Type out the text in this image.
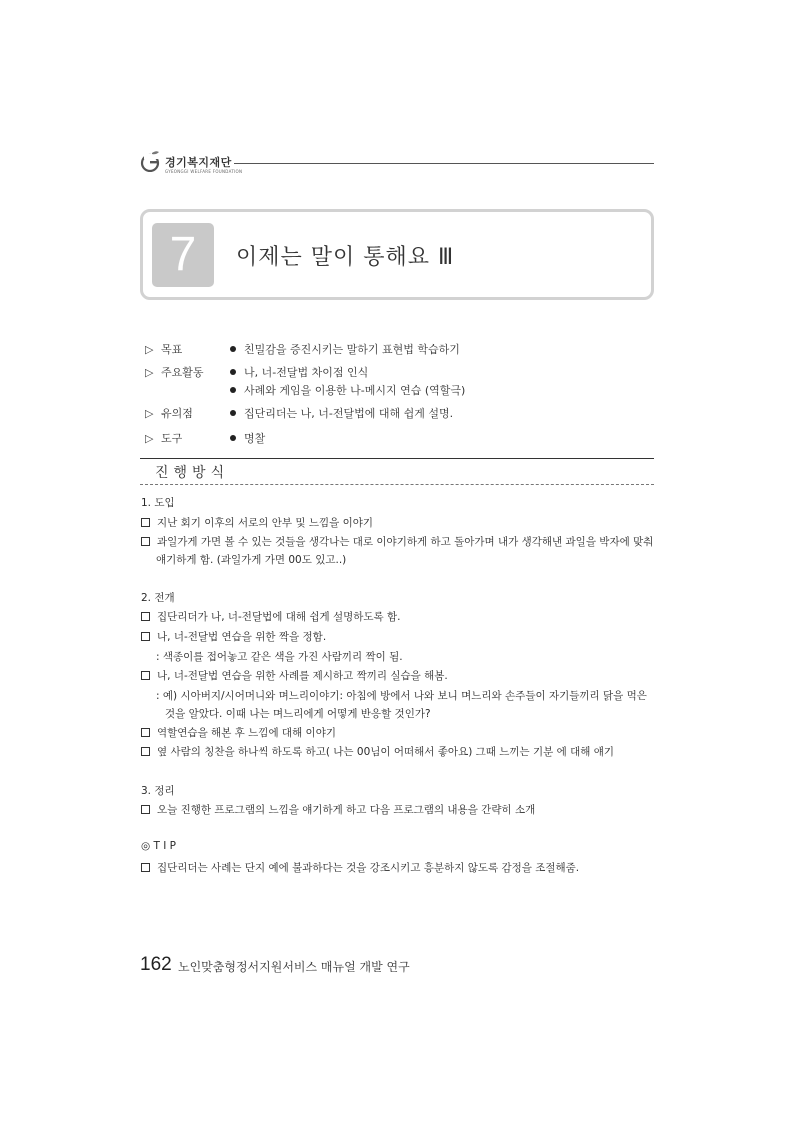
경기복지재단
GYEONGGI WELFARE FOUNDATION
7	이제는 말이 통해요 Ⅲ
▷ 목표	친밀감을 증진시키는 말하기 표현법 학습하기
▷ 주요활동	나, 너-전달법 차이점 인식
사례와 게임을 이용한 나-메시지 연습 (역할극)
▷ 유의점	집단리더는 나, 너-전달법에 대해 쉽게 설명.
▷ 도구	명찰
진행방식
1. 도입
지난 회기 이후의 서로의 안부 및 느낌을 이야기
과일가게 가면 볼 수 있는 것들을 생각나는 대로 이야기하게 하고 돌아가며 내가 생각해낸 과일을 박자에 맞춰
얘기하게 함. (과일가게 가면 00도 있고..)
2. 전개
집단리더가 나, 너-전달법에 대해 쉽게 설명하도록 함.
나, 너-전달법 연습을 위한 짝을 정함.
: 색종이를 접어놓고 같은 색을 가진 사람끼리 짝이 됨.
나, 너-전달법 연습을 위한 사례를 제시하고 짝끼리 실습을 해봄.
: 예) 시아버지/시어머니와 며느리이야기: 아침에 방에서 나와 보니 며느리와 손주들이 자기들끼리 닭을 먹은
것을 알았다. 이때 나는 며느리에게 어떻게 반응할 것인가?
역할연습을 해본 후 느낌에 대해 이야기
옆 사람의 칭찬을 하나씩 하도록 하고( 나는 00님이 어떠해서 좋아요) 그때 느끼는 기분 에 대해 얘기
3. 정리
오늘 진행한 프로그램의 느낌을 얘기하게 하고 다음 프로그램의 내용을 간략히 소개
◎ T I P
집단리더는 사례는 단지 예에 불과하다는 것을 강조시키고 흥분하지 않도록 감정을 조절해줌.
162 노인맞춤형정서지원서비스 매뉴얼 개발 연구
